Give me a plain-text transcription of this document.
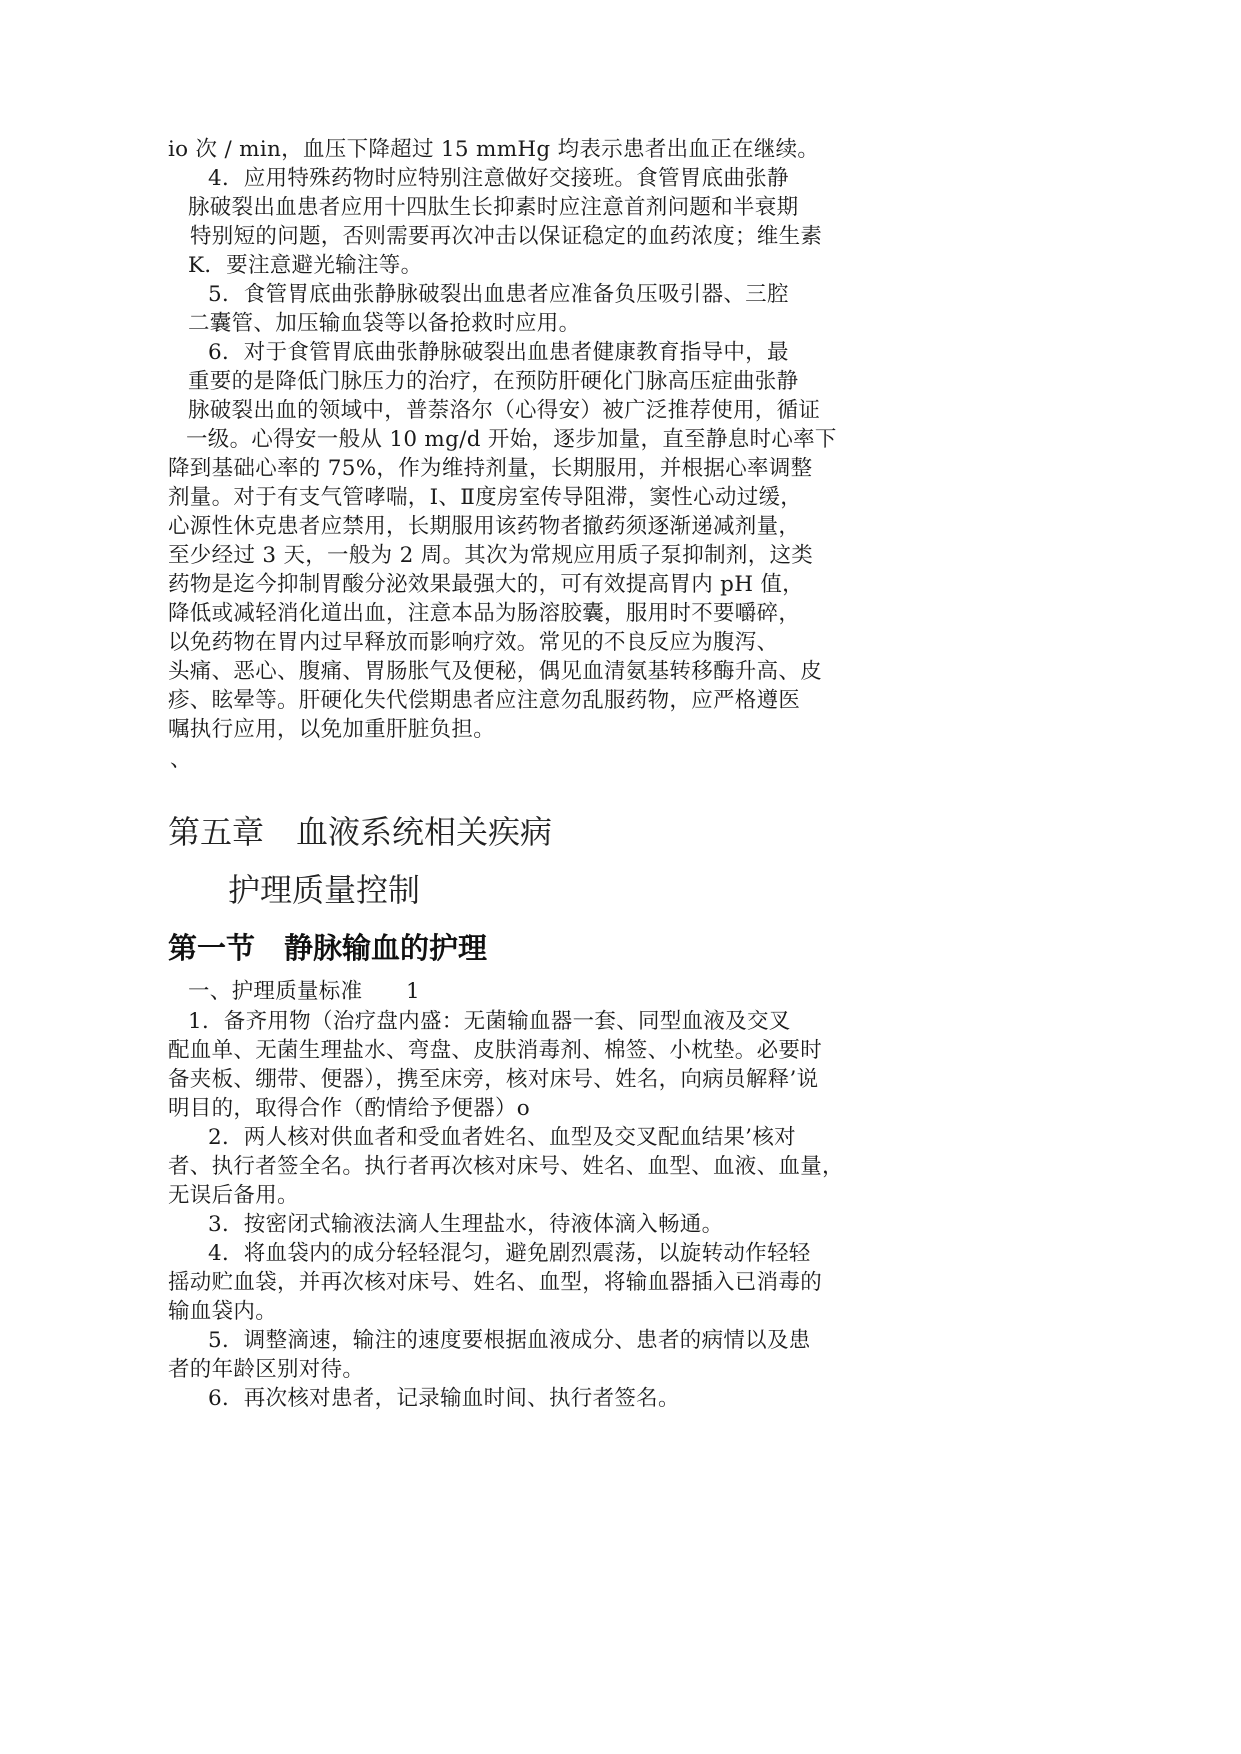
io 次 / min，血压下降超过 15 mmHg 均表示患者出血正在继续。
4．应用特殊药物时应特别注意做好交接班。食管胃底曲张静
脉破裂出血患者应用十四肽生长抑素时应注意首剂问题和半衰期
特别短的问题，否则需要再次冲击以保证稳定的血药浓度；维生素
K．要注意避光输注等。
5．食管胃底曲张静脉破裂出血患者应准备负压吸引器、三腔
二囊管、加压输血袋等以备抢救时应用。
6．对于食管胃底曲张静脉破裂出血患者健康教育指导中，最
重要的是降低门脉压力的治疗，在预防肝硬化门脉高压症曲张静
脉破裂出血的领域中，普萘洛尔（心得安）被广泛推荐使用，循证
一级。心得安一般从 10 mg/d 开始，逐步加量，直至静息时心率下
降到基础心率的 75%，作为维持剂量，长期服用，并根据心率调整
剂量。对于有支气管哮喘，I、Ⅱ度房室传导阻滞，窦性心动过缓，
心源性休克患者应禁用，长期服用该药物者撤药须逐渐递减剂量，
至少经过 3 天，一般为 2 周。其次为常规应用质子泵抑制剂，这类
药物是迄今抑制胃酸分泌效果最强大的，可有效提高胃内 pH 值，
降低或减轻消化道出血，注意本品为肠溶胶囊，服用时不要嚼碎，
以免药物在胃内过早释放而影响疗效。常见的不良反应为腹泻、
头痛、恶心、腹痛、胃肠胀气及便秘，偶见血清氨基转移酶升高、皮
疹、眩晕等。肝硬化失代偿期患者应注意勿乱服药物，应严格遵医
嘱执行应用，以免加重肝脏负担。
、
第五章　血液系统相关疾病
护理质量控制
第一节　静脉输血的护理
一、护理质量标准　　1
1．备齐用物（治疗盘内盛：无菌输血器一套、同型血液及交叉
配血单、无菌生理盐水、弯盘、皮肤消毒剂、棉签、小枕垫。必要时
备夹板、绷带、便器），携至床旁，核对床号、姓名，向病员解释’说
明目的，取得合作（酌情给予便器）o
2．两人核对供血者和受血者姓名、血型及交叉配血结果’核对
者、执行者签全名。执行者再次核对床号、姓名、血型、血液、血量，
无误后备用。
3．按密闭式输液法滴人生理盐水，待液体滴入畅通。
4．将血袋内的成分轻轻混匀，避免剧烈震荡，以旋转动作轻轻
摇动贮血袋，并再次核对床号、姓名、血型，将输血器插入已消毒的
输血袋内。
5．调整滴速，输注的速度要根据血液成分、患者的病情以及患
者的年龄区别对待。
6．再次核对患者，记录输血时间、执行者签名。
